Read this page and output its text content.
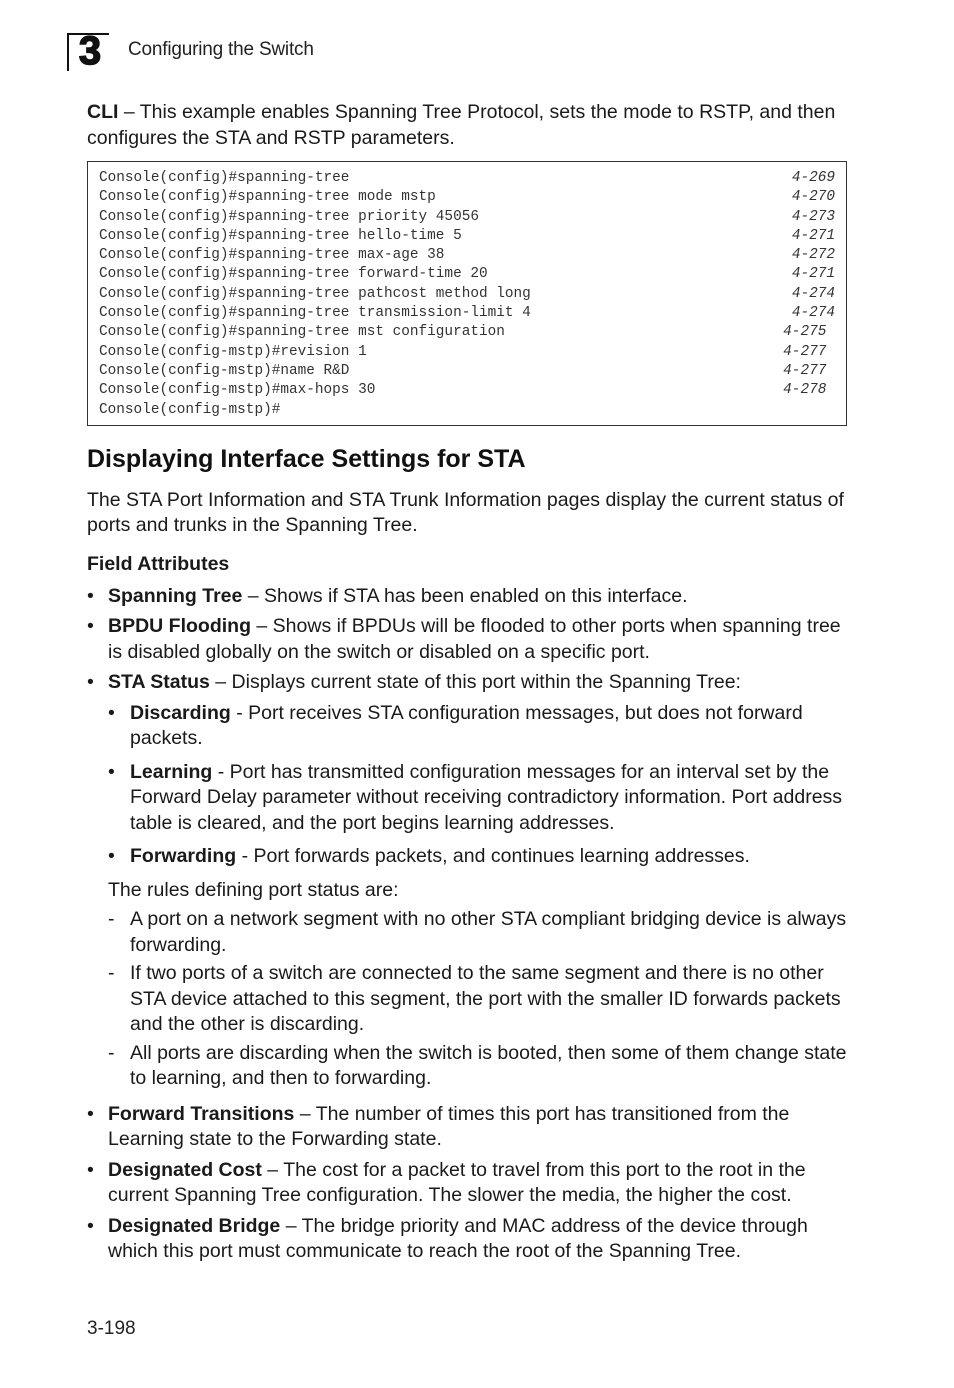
3	Configuring the Switch

CLI – This example enables Spanning Tree Protocol, sets the mode to RSTP, and then configures the STA and RSTP parameters.

Console(config)#spanning-tree	4-269
Console(config)#spanning-tree mode mstp	4-270
Console(config)#spanning-tree priority 45056	4-273
Console(config)#spanning-tree hello-time 5	4-271
Console(config)#spanning-tree max-age 38	4-272
Console(config)#spanning-tree forward-time 20	4-271
Console(config)#spanning-tree pathcost method long	4-274
Console(config)#spanning-tree transmission-limit 4	4-274
Console(config)#spanning-tree mst configuration	4-275
Console(config-mstp)#revision 1	4-277
Console(config-mstp)#name R&D	4-277
Console(config-mstp)#max-hops 30	4-278
Console(config-mstp)#
Displaying Interface Settings for STA

The STA Port Information and STA Trunk Information pages display the current status of ports and trunks in the Spanning Tree.

Field Attributes

• Spanning Tree – Shows if STA has been enabled on this interface.

• BPDU Flooding – Shows if BPDUs will be flooded to other ports when spanning tree is disabled globally on the switch or disabled on a specific port.

• STA Status – Displays current state of this port within the Spanning Tree:

• Discarding - Port receives STA configuration messages, but does not forward packets.

• Learning - Port has transmitted configuration messages for an interval set by the Forward Delay parameter without receiving contradictory information. Port address table is cleared, and the port begins learning addresses.

• Forwarding - Port forwards packets, and continues learning addresses.

The rules defining port status are:

- A port on a network segment with no other STA compliant bridging device is always forwarding.

- If two ports of a switch are connected to the same segment and there is no other STA device attached to this segment, the port with the smaller ID forwards packets and the other is discarding.

- All ports are discarding when the switch is booted, then some of them change state to learning, and then to forwarding.

• Forward Transitions – The number of times this port has transitioned from the Learning state to the Forwarding state.

• Designated Cost – The cost for a packet to travel from this port to the root in the current Spanning Tree configuration. The slower the media, the higher the cost.

• Designated Bridge – The bridge priority and MAC address of the device through which this port must communicate to reach the root of the Spanning Tree.

3-198
